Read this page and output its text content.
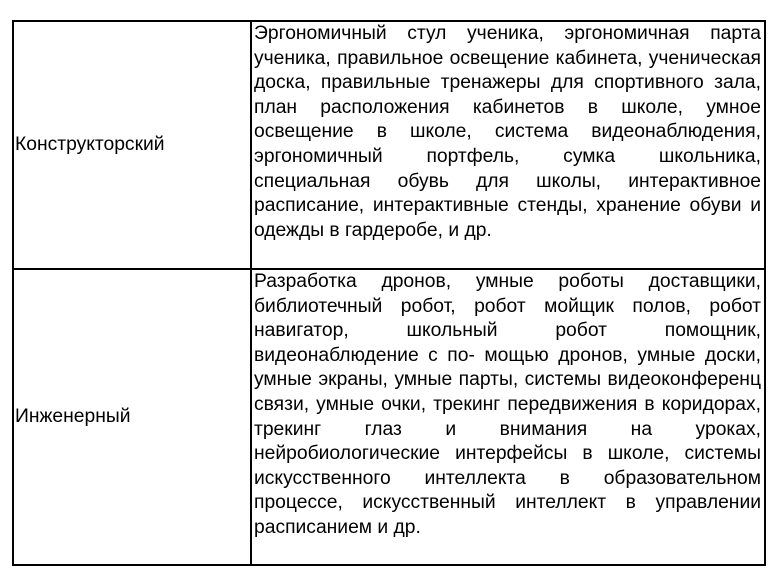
Конструкторский	Эргономичный стул ученика, эргономичная парта ученика, правильное освещение кабинета, ученическая доска, правильные тренажеры для спортивного зала, план расположения кабинетов в школе, умное освещение в школе, система видеонаблюдения, эргономичный портфель, сумка школьника, специальная обувь для школы, интерактивное расписание, интерактивные стенды, хранение обуви и одежды в гардеробе, и др.
Инженерный	Разработка дронов, умные роботы доставщики, библиотечный робот, робот мойщик полов, робот навигатор, школьный робот помощник, видеонаблюдение с по- мощью дронов, умные доски, умные экраны, умные парты, системы видеоконференц связи, умные очки, трекинг передвижения в коридорах, трекинг глаз и внимания на уроках, нейробиологические интерфейсы в школе, системы искусственного интеллекта в образовательном процессе, искусственный интеллект в управлении расписанием и др.
